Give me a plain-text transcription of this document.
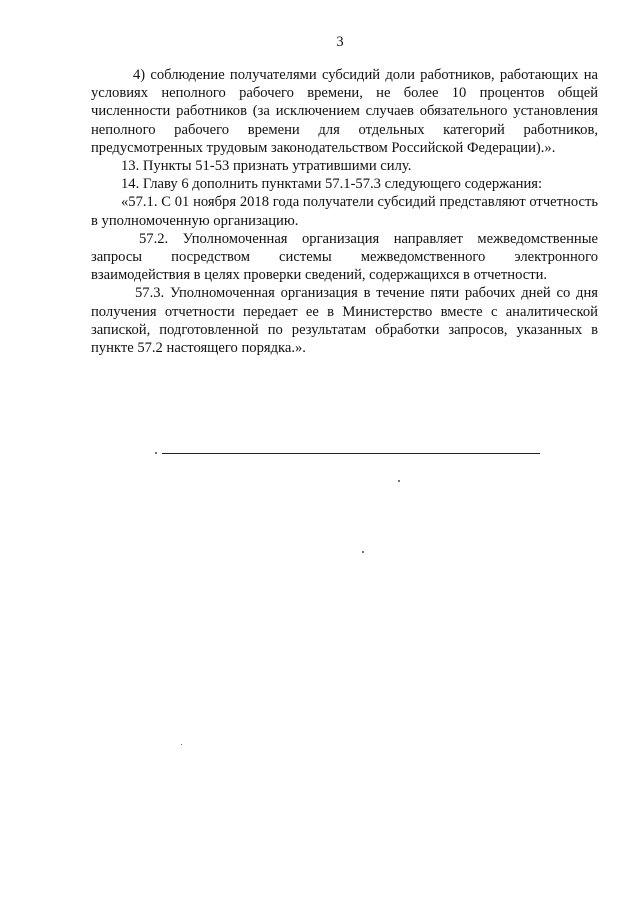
3

4) соблюдение получателями субсидий доли работников, работающих на условиях неполного рабочего времени, не более 10 процентов общей численности работников (за исключением случаев обязательного установления неполного рабочего времени для отдельных категорий работников, предусмотренных трудовым законодательством Российской Федерации).».

13. Пункты 51-53 признать утратившими силу.

14. Главу 6 дополнить пунктами 57.1-57.3 следующего содержания:

«57.1. С 01 ноября 2018 года получатели субсидий представляют отчетность в уполномоченную организацию.

57.2. Уполномоченная организация направляет межведомственные запросы посредством системы межведомственного электронного взаимодействия в целях проверки сведений, содержащихся в отчетности.

57.3. Уполномоченная организация в течение пяти рабочих дней со дня получения отчетности передает ее в Министерство вместе с аналитической запиской, подготовленной по результатам обработки запросов, указанных в пункте 57.2 настоящего порядка.».
